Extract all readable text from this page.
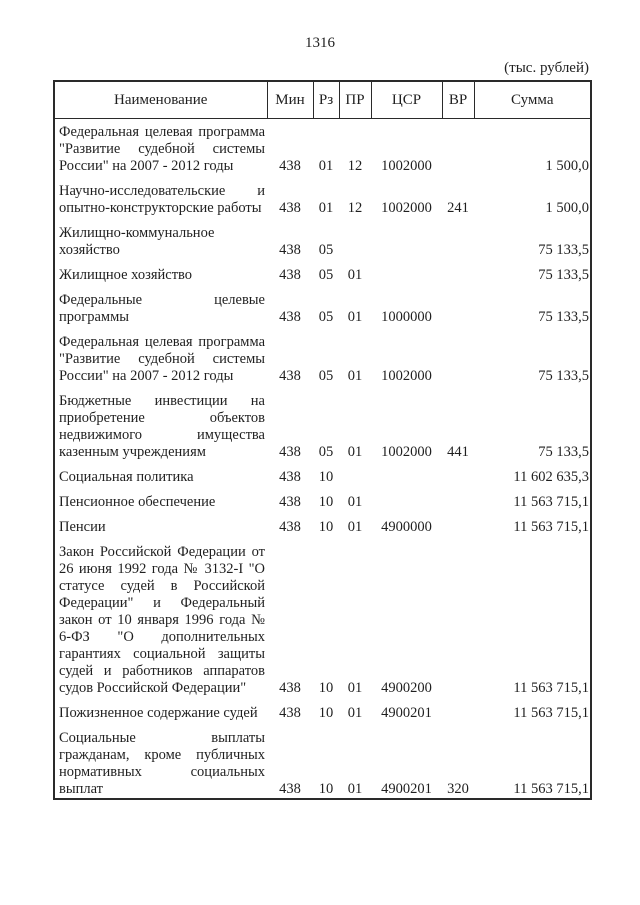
1316
(тыс. рублей)
Наименование	Мин	Рз	ПР	ЦСР	ВР	Сумма

Федеральная целевая программа
"Развитие судебной системы
России" на 2007 - 2012 годы	438	01	12	1002000		1 500,0

Научно-исследовательские и
опытно-конструкторские работы	438	01	12	1002000	241	1 500,0

Жилищно-коммунальное
хозяйство	438	05				75 133,5

Жилищное хозяйство	438	05	01			75 133,5

Федеральные целевые
программы	438	05	01	1000000		75 133,5

Федеральная целевая программа
"Развитие судебной системы
России" на 2007 - 2012 годы	438	05	01	1002000		75 133,5

Бюджетные инвестиции на
приобретение объектов
недвижимого имущества
казенным учреждениям	438	05	01	1002000	441	75 133,5

Социальная политика	438	10				11 602 635,3

Пенсионное обеспечение	438	10	01			11 563 715,1

Пенсии	438	10	01	4900000		11 563 715,1

Закон Российской Федерации от
26 июня 1992 года № 3132-I "О
статусе судей в Российской
Федерации" и Федеральный
закон от 10 января 1996 года №
6-ФЗ "О дополнительных
гарантиях социальной защиты
судей и работников аппаратов
судов Российской Федерации"	438	10	01	4900200		11 563 715,1

Пожизненное содержание судей	438	10	01	4900201		11 563 715,1

Социальные выплаты
гражданам, кроме публичных
нормативных социальных
выплат	438	10	01	4900201	320	11 563 715,1
